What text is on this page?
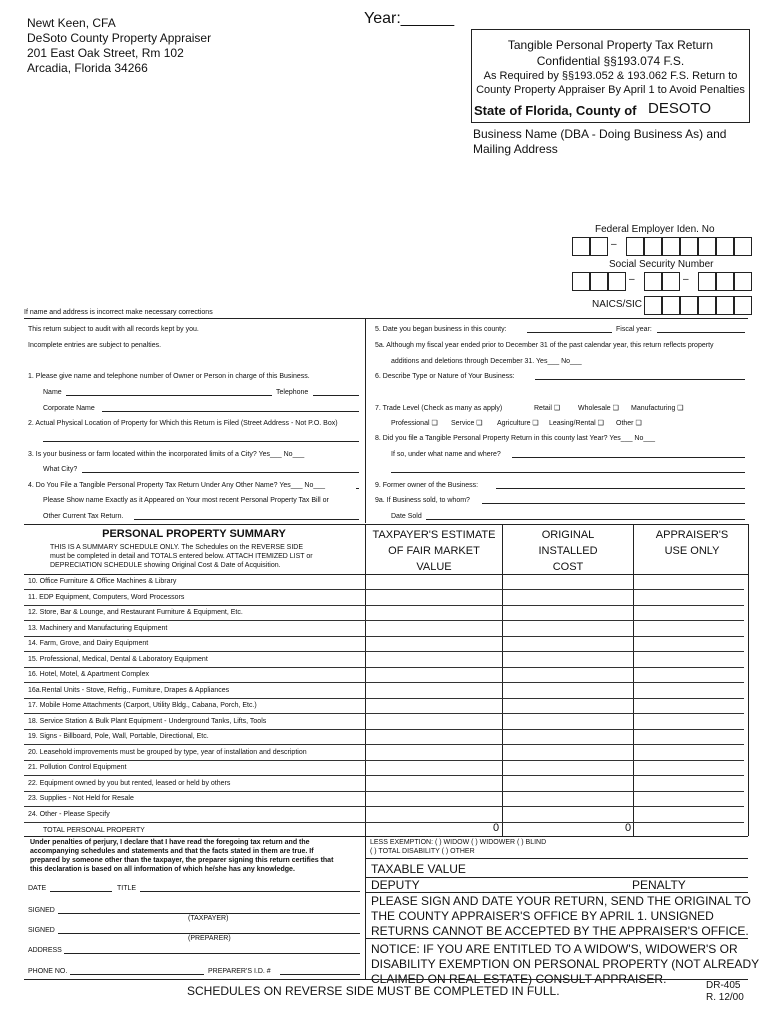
Newt Keen, CFA
DeSoto County Property Appraiser
201 East Oak Street, Rm 102
Arcadia, Florida 34266
Year:______
Tangible Personal Property Tax Return
Confidential §§193.074 F.S.
As Required by §§193.052 & 193.062 F.S. Return to
County Property Appraiser By April 1 to Avoid Penalties
State of Florida, County of DESOTO
Business Name (DBA - Doing Business As) and
Mailing Address
Federal Employer Iden. No
–
Social Security Number
–	–
NAICS/SIC
If name and address is incorrect make necessary corrections
This return subject to audit with all records kept by you.
Incomplete entries are subject to penalties.
1. Please give name and telephone number of Owner or Person in charge of this Business.
Name	Telephone
Corporate Name
2. Actual Physical Location of Property for Which this Return is Filed (Street Address - Not P.O. Box)
3. Is your business or farm located within the incorporated limits of a City? Yes___ No___
What City?
4. Do You File a Tangible Personal Property Tax Return Under Any Other Name? Yes___ No___
Please Show name Exactly as it Appeared on Your most recent Personal Property Tax Bill or
Other Current Tax Return.
5. Date you began business in this county:	Fiscal year:
5a. Although my fiscal year ended prior to December 31 of the past calendar year, this return reflects property
additions and deletions through December 31. Yes___ No___
6. Describe Type or Nature of Your Business:
7. Trade Level (Check as many as apply)	Retail ❑	Wholesale ❑ Manufacturing ❑
Professional ❑ Service ❑ Agriculture ❑ Leasing/Rental ❑ Other ❑
8. Did you file a Tangible Personal Property Return in this county last Year? Yes___ No___
If so, under what name and where?
9. Former owner of the Business:
9a. If Business sold, to whom?
Date Sold
PERSONAL PROPERTY SUMMARY
THIS IS A SUMMARY SCHEDULE ONLY. The Schedules on the REVERSE SIDE
must be completed in detail and TOTALS entered below. ATTACH ITEMIZED LIST or
DEPRECIATION SCHEDULE showing Original Cost & Date of Acquisition.
TAXPAYER'S ESTIMATE
OF FAIR MARKET
VALUE
ORIGINAL
INSTALLED
COST
APPRAISER'S
USE ONLY
10. Office Furniture & Office Machines & Library
11. EDP Equipment, Computers, Word Processors
12. Store, Bar & Lounge, and Restaurant Furniture & Equipment, Etc.
13. Machinery and Manufacturing Equipment
14. Farm, Grove, and Dairy Equipment
15. Professional, Medical, Dental & Laboratory Equipment
16. Hotel, Motel, & Apartment Complex
16a.Rental Units - Stove, Refrig., Furniture, Drapes & Appliances
17. Mobile Home Attachments (Carport, Utility Bldg., Cabana, Porch, Etc.)
18. Service Station & Bulk Plant Equipment - Underground Tanks, Lifts, Tools
19. Signs - Billboard, Pole, Wall, Portable, Directional, Etc.
20. Leasehold improvements must be grouped by type, year of installation and description
21. Pollution Control Equipment
22. Equipment owned by you but rented, leased or held by others
23. Supplies - Not Held for Resale
24. Other - Please Specify
TOTAL PERSONAL PROPERTY	0	0
Under penalties of perjury, I declare that I have read the foregoing tax return and the
accompanying schedules and statements and that the facts stated in them are true. If
prepared by someone other than the taxpayer, the preparer signing this return certifies that
this declaration is based on all information of which he/she has any knowledge.
DATE	TITLE
SIGNED
(TAXPAYER)
SIGNED
(PREPARER)
ADDRESS
PHONE NO.	PREPARER'S I.D. #
LESS EXEMPTION: ( ) WIDOW ( ) WIDOWER ( ) BLIND
( ) TOTAL DISABILITY ( ) OTHER
TAXABLE VALUE
DEPUTY	PENALTY
PLEASE SIGN AND DATE YOUR RETURN, SEND THE ORIGINAL TO
THE COUNTY APPRAISER'S OFFICE BY APRIL 1. UNSIGNED
RETURNS CANNOT BE ACCEPTED BY THE APPRAISER'S OFFICE.
NOTICE: IF YOU ARE ENTITLED TO A WIDOW'S, WIDOWER'S OR
DISABILITY EXEMPTION ON PERSONAL PROPERTY (NOT ALREADY
CLAIMED ON REAL ESTATE) CONSULT APPRAISER.
SCHEDULES ON REVERSE SIDE MUST BE COMPLETED IN FULL.	DR-405
R. 12/00
